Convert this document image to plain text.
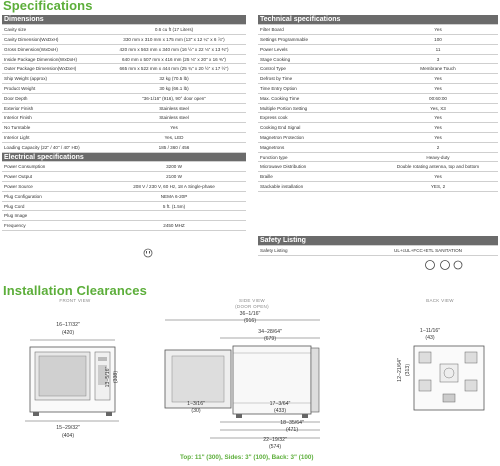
Specifications
Dimensions	
Cavity size	0.6 cu ft (17 Liters)
Cavity Dimension(WxDxH)	330 mm x 310 mm x 175 mm (13" x 12 ¼" x 6 ⅞")
Gross Dimension(WxDxH)	420 mm x 563 mm x 340 mm (16 ½" x 22 ⅛" x 13 ⅜")
Inside Package Dimension(WxDxH)	640 mm x 507 mm x 416 mm (25 ⅛" x 20" x 16 ⅜")
Outer Package Dimension(WxDxH)	665 mm x 522 mm x 444 mm (25 ¾" x 20 ½" x 17 ½")
Ship Weight (approx)	32 kg (70.5 lb)
Product Weight	30 kg (66.1 lb)
Door Depth	"36-1/16" (916), 90° door open"
Exterior Finish	Stainless steel
Interior Finish	Stainless steel
No Turntable	Yes
Interior Light	Yes, LED
Loading Capacity (22" / 40" / 40" HD)	185 / 360 / 456
Electrical specifications	
Power Consumption	3200 W
Power Output	2100 W
Power Source	208 V / 230 V, 60 Hz, 18 A Single-phase
Plug Configuration	NEMA 6-20P
Plug Cord	5 ft. (1.5m)
Plug Image	
Frequency	2450 MHZ
Technical specifications	
Filter Board	Yes
Settings Programmable	100
Power Levels	11
Stage Cooking	3
Control Type	Membrane Touch
Defrost by Time	Yes
Time Entry Option	Yes
Max. Cooking Time	00:60:00
Multiple Portion Setting	Yes, X3
Express cook	Yes
Cooking End Signal	Yes
Magnetron Protection	Yes
Magnetrons	2
Function type	Heavy-duty
Microwave Distribution	Double rotating antenna, top and bottom
Braille	Yes
Stackable installation	YES, 2
Safety Listing
Safety Listing	UL+cUL+FCC+ETL SANITATION
Installation Clearances
FRONT VIEW
16−17/32"
(420)
13−5/16" (338)
15−29/32"
(404)
SIDE VIEW
(DOOR OPEN)
36−1/16"
(916)
34−28/64"
(679)
1−3/16"
(30)
17−3/64"
(433)
18−35/64"
(471)
22−19/32"
(574)
BACK VIEW
1−11/16"
(43)
12−21/64" (313)
Top: 11" (300), Sides: 3" (100), Back: 3" (100)
